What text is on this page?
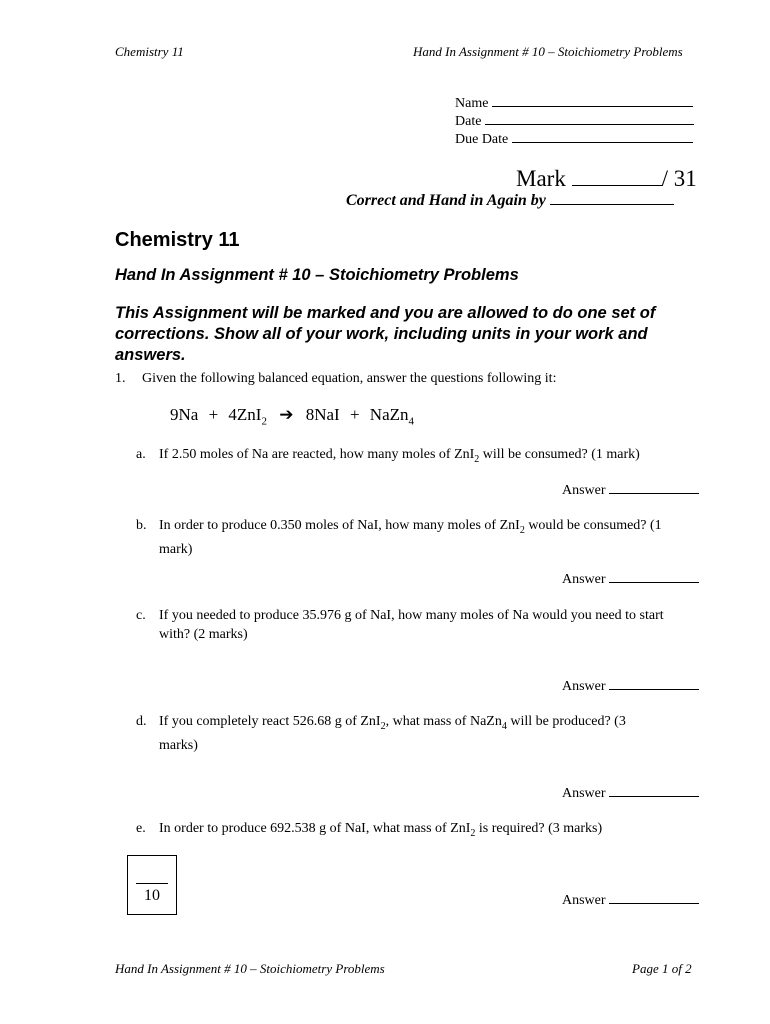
Chemistry 11	Hand In Assignment # 10 – Stoichiometry Problems
Name
Date
Due Date
Mark	/ 31
Correct and Hand in Again by
Chemistry 11
Hand In Assignment # 10 – Stoichiometry Problems
This Assignment will be marked and you are allowed to do one set of corrections. Show all of your work, including units in your work and answers.
1. Given the following balanced equation, answer the questions following it:
9Na + 4ZnI$_2$ ➔ 8NaI + NaZn$_4$
a. If 2.50 moles of Na are reacted, how many moles of ZnI$_2$ will be consumed? (1 mark)
Answer
b. In order to produce 0.350 moles of NaI, how many moles of ZnI$_2$ would be consumed? (1 mark)
Answer
c. If you needed to produce 35.976 g of NaI, how many moles of Na would you need to start with? (2 marks)
Answer
d. If you completely react 526.68 g of ZnI$_2$, what mass of NaZn$_4$ will be produced? (3 marks)
Answer
e. In order to produce 692.538 g of NaI, what mass of ZnI$_2$ is required? (3 marks)
Answer
10
Hand In Assignment # 10 – Stoichiometry Problems	Page 1 of 2
